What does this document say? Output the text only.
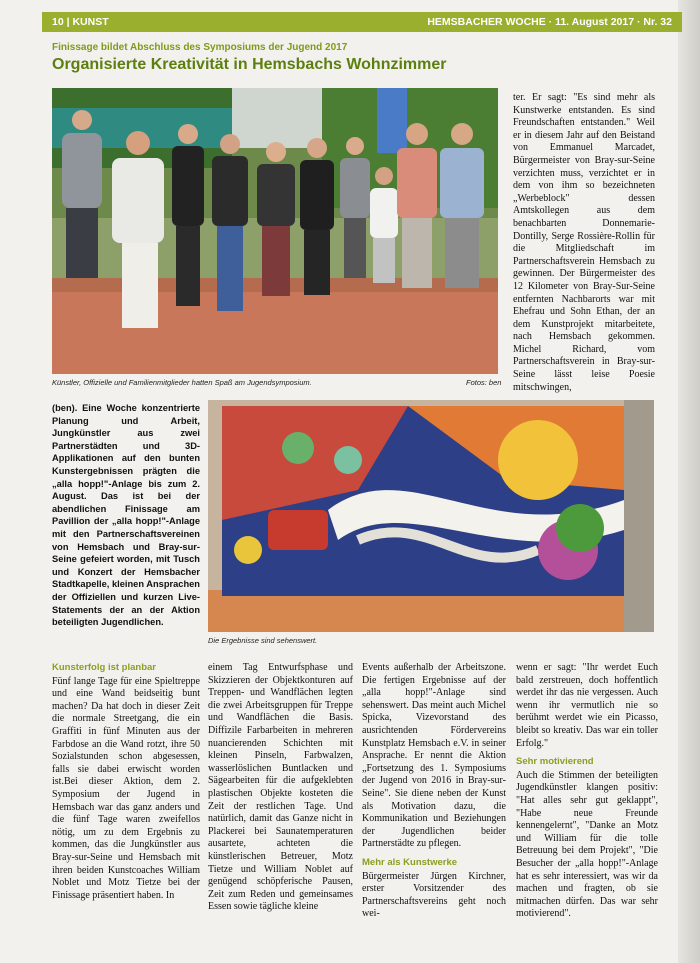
10 | KUNST	HEMSBACHER WOCHE · 11. August 2017 · Nr. 32
Finissage bildet Abschluss des Symposiums der Jugend 2017
Organisierte Kreativität in Hemsbachs Wohnzimmer
Künstler, Offizielle und Familienmitglieder hatten Spaß am Jugendsymposium.	Fotos: ben

ter. Er sagt: "Es sind mehr als Kunstwerke entstanden. Es sind Freundschaften entstanden." Weil er in diesem Jahr auf den Beistand von Emmanuel Marcadet, Bürgermeister von Bray-sur-Seine verzichten muss, verzichtet er in dem von ihm so bezeichneten „Werbeblock" dessen Amtskollegen aus dem benachbarten Donnemarie-Dontilly, Serge Rossière-Rollin für die Mitgliedschaft im Partnerschaftsverein Hemsbach zu gewinnen. Der Bürgermeister des 12 Kilometer von Bray-Sur-Seine entfernten Nachbarorts war mit Ehefrau und Sohn Ethan, der an dem Kunstprojekt mitarbeitete, nach Hemsbach gekommen. Michel Richard, vom Partnerschaftsverein in Bray-sur-Seine lässt leise Poesie mitschwingen,

(ben). Eine Woche konzentrierte Planung und Arbeit, Jungkünstler aus zwei Partnerstädten und 3D-Applikationen auf den bunten Kunstergebnissen prägten die „alla hopp!"-Anlage bis zum 2. August. Das ist bei der abendlichen Finissage am Pavillion der „alla hopp!"-Anlage mit den Partnerschaftsvereinen von Hemsbach und Bray-sur-Seine gefeiert worden, mit Tusch und Konzert der Hemsbacher Stadtkapelle, kleinen Ansprachen der Offiziellen und kurzen Live-Statements der an der Aktion beteiligten Jugendlichen.

Die Ergebnisse sind sehenswert.
Kunsterfolg ist planbar

Fünf lange Tage für eine Spieltreppe und eine Wand beidseitig bunt machen? Da hat doch in dieser Zeit die normale Streetgang, die ein Graffiti in fünf Minuten aus der Farbdose an die Wand rotzt, ihre 50 Sozialstunden schon abgesessen, falls sie dabei erwischt worden ist.Bei dieser Aktion, dem 2. Symposium der Jugend in Hemsbach war das ganz anders und die fünf Tage waren zweifellos nötig, um zu dem Ergebnis zu kommen, das die Jungkünstler aus Bray-sur-Seine und Hemsbach mit ihren beiden Kunstcoaches William Noblet und Motz Tietze bei der Finissage präsentiert haben. In

einem Tag Entwurfsphase und Skizzieren der Objektkonturen auf Treppen- und Wandflächen legten die zwei Arbeitsgruppen für Treppe und Wandflächen die Basis. Diffizile Farbarbeiten in mehreren nuancierenden Schichten mit kleinen Pinseln, Farbwalzen, wasserlöslichen Buntlacken und Sägearbeiten für die aufgeklebten plastischen Objekte kosteten die Zeit der restlichen Tage. Und natürlich, damit das Ganze nicht in Plackerei bei Saunatemperaturen ausartete, achteten die künstlerischen Betreuer, Motz Tietze und William Noblet auf genügend schöpferische Pausen, Zeit zum Reden und gemeinsames Essen sowie tägliche kleine

Events außerhalb der Arbeitszone. Die fertigen Ergebnisse auf der „alla hopp!"-Anlage sind sehenswert. Das meint auch Michel Spicka, Vizevorstand des ausrichtenden Fördervereins Kunstplatz Hemsbach e.V. in seiner Ansprache. Er nennt die Aktion „Fortsetzung des 1. Symposiums der Jugend von 2016 in Bray-sur-Seine". Sie diene neben der Kunst als Motivation dazu, die Kommunikation und Beziehungen der Jugendlichen beider Partnerstädte zu pflegen.

Mehr als Kunstwerke

Bürgermeister Jürgen Kirchner, erster Vorsitzender des Partnerschaftsvereins geht noch wei-

wenn er sagt: "Ihr werdet Euch bald zerstreuen, doch hoffentlich werdet ihr das nie vergessen. Auch wenn ihr vermutlich nie so berühmt werdet wie ein Picasso, bleibt so kreativ. Das war ein toller Erfolg."

Sehr motivierend

Auch die Stimmen der beteiligten Jugendkünstler klangen positiv: "Hat alles sehr gut geklappt", "Habe neue Freunde kennengelernt", "Danke an Motz und William für die tolle Betreuung bei dem Projekt", "Die Besucher der „alla hopp!"-Anlage hat es sehr interessiert, was wir da machen und fragten, ob sie mitmachen dürfen. Das war sehr motivierend".
